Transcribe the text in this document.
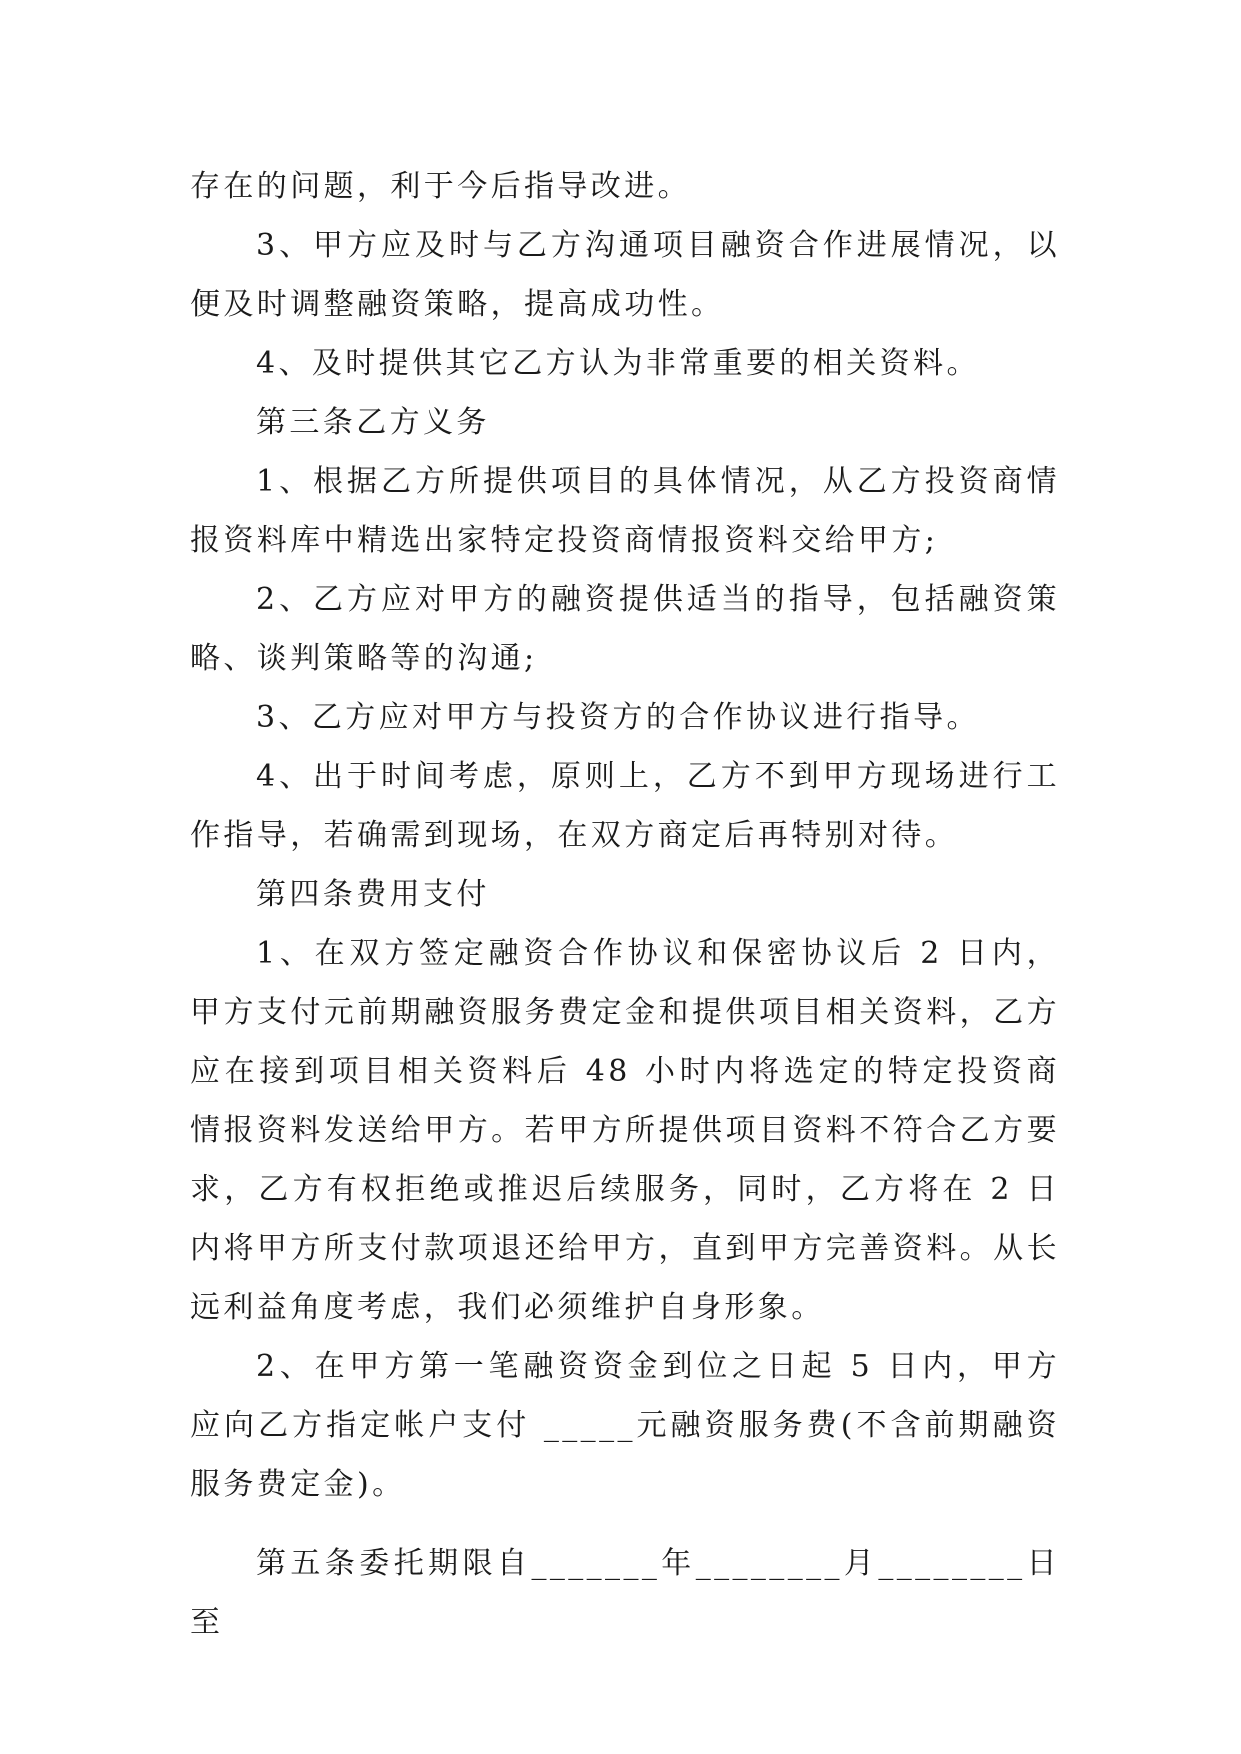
存在的问题，利于今后指导改进。

3、甲方应及时与乙方沟通项目融资合作进展情况，以便及时调整融资策略，提高成功性。

4、及时提供其它乙方认为非常重要的相关资料。

第三条乙方义务

1、根据乙方所提供项目的具体情况，从乙方投资商情报资料库中精选出家特定投资商情报资料交给甲方;

2、乙方应对甲方的融资提供适当的指导，包括融资策略、谈判策略等的沟通;

3、乙方应对甲方与投资方的合作协议进行指导。

4、出于时间考虑，原则上，乙方不到甲方现场进行工作指导，若确需到现场，在双方商定后再特别对待。

第四条费用支付

1、在双方签定融资合作协议和保密协议后 2 日内，甲方支付元前期融资服务费定金和提供项目相关资料，乙方应在接到项目相关资料后 48 小时内将选定的特定投资商情报资料发送给甲方。若甲方所提供项目资料不符合乙方要求，乙方有权拒绝或推迟后续服务，同时，乙方将在 2 日内将甲方所支付款项退还给甲方，直到甲方完善资料。从长远利益角度考虑，我们必须维护自身形象。

2、在甲方第一笔融资资金到位之日起 5 日内，甲方应向乙方指定帐户支付 _____元融资服务费(不含前期融资服务费定金)。

第五条委托期限自_______年________月________日至
